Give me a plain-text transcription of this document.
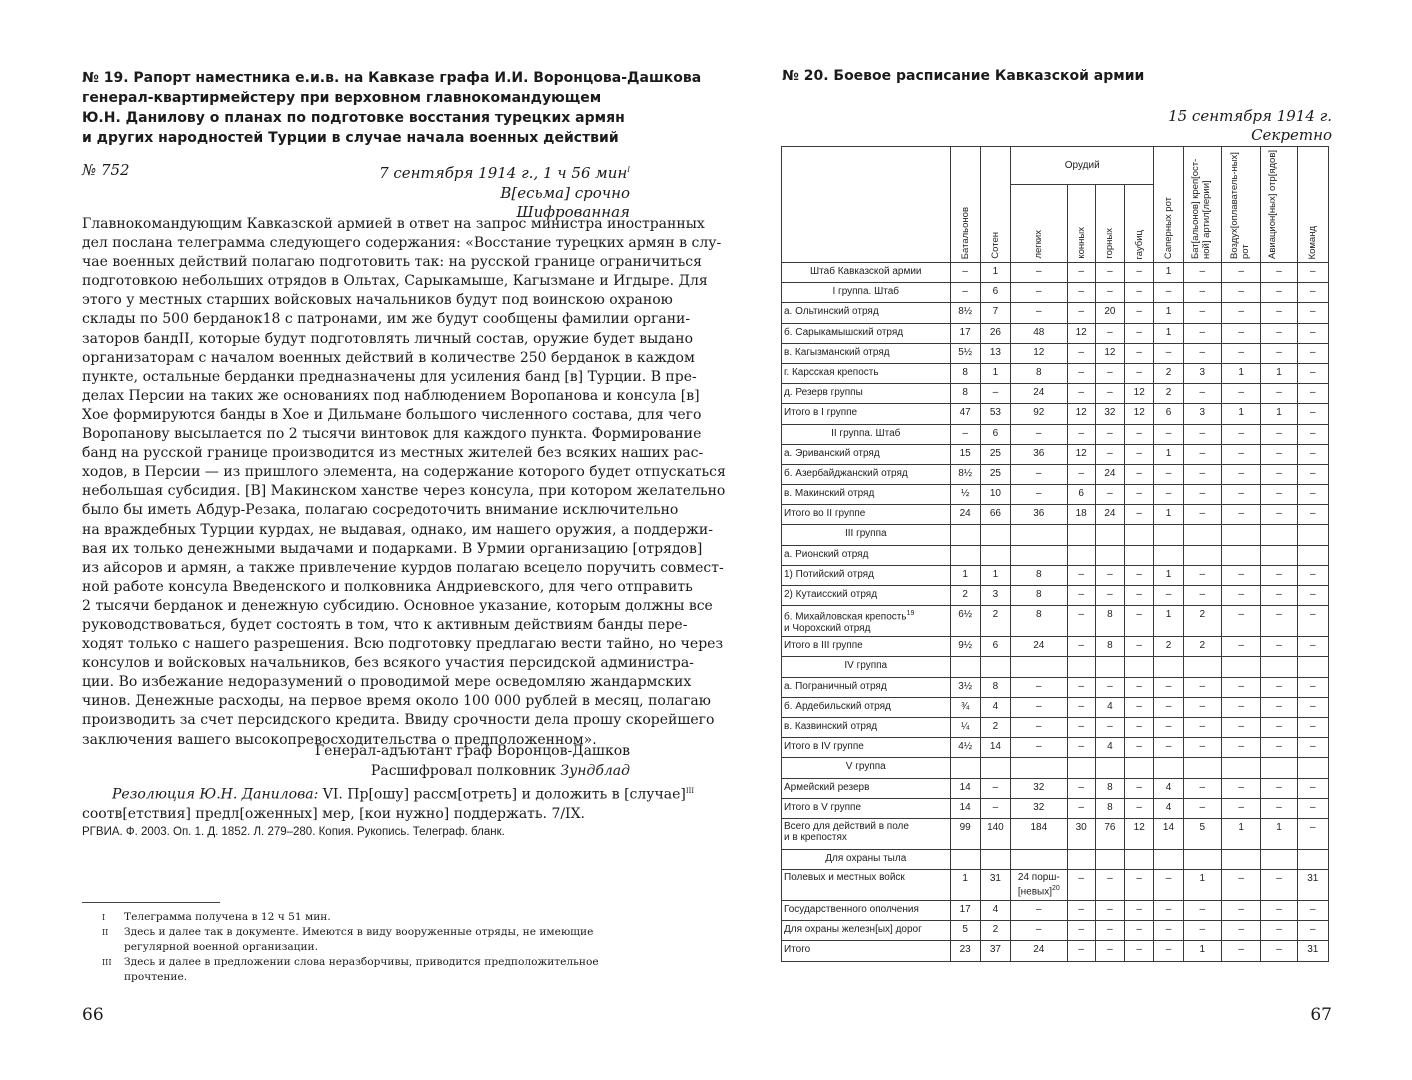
№ 19. Рапорт наместника е.и.в. на Кавказе графа И.И. Воронцова-Дашкова
генерал-квартирмейстеру при верховном главнокомандующем
Ю.Н. Данилову о планах по подготовке восстания турецких армян
и других народностей Турции в случае начала военных действий
№ 752	7 сентября 1914 г., 1 ч 56 мин$^I$
В[есьма] срочно
Шифрованная
Главнокомандующим Кавказской армией в ответ на запрос министра иностранных
дел послана телеграмма следующего содержания: «Восстание турецких армян в слу-
чае военных действий полагаю подготовить так: на русской границе ограничиться
подготовкою небольших отрядов в Ольтах, Сарыкамыше, Кагызмане и Игдыре. Для
этого у местных старших войсковых начальников будут под воинскою охраною
склады по 500 берданок18 с патронами, им же будут сообщены фамилии органи-
заторов бандII, которые будут подготовлять личный состав, оружие будет выдано
организаторам с началом военных действий в количестве 250 берданок в каждом
пункте, остальные берданки предназначены для усиления банд [в] Турции. В пре-
делах Персии на таких же основаниях под наблюдением Воропанова и консула [в]
Хое формируются банды в Хое и Дильмане большого численного состава, для чего
Воропанову высылается по 2 тысячи винтовок для каждого пункта. Формирование
банд на русской границе производится из местных жителей без всяких наших рас-
ходов, в Персии — из пришлого элемента, на содержание которого будет отпускаться
небольшая субсидия. [В] Макинском ханстве через консула, при котором желательно
было бы иметь Абдур-Резака, полагаю сосредоточить внимание исключительно
на враждебных Турции курдах, не выдавая, однако, им нашего оружия, а поддержи-
вая их только денежными выдачами и подарками. В Урмии организацию [отрядов]
из айсоров и армян, а также привлечение курдов полагаю всецело поручить совмест-
ной работе консула Введенского и полковника Андриевского, для чего отправить
2 тысячи берданок и денежную субсидию. Основное указание, которым должны все
руководствоваться, будет состоять в том, что к активным действиям банды пере-
ходят только с нашего разрешения. Всю подготовку предлагаю вести тайно, но через
консулов и войсковых начальников, без всякого участия персидской администра-
ции. Во избежание недоразумений о проводимой мере осведомляю жандармских
чинов. Денежные расходы, на первое время около 100 000 рублей в месяц, полагаю
производить за счет персидского кредита. Ввиду срочности дела прошу скорейшего
заключения вашего высокопревосходительства о предположенном».
Генерал-адъютант граф Воронцов-Дашков
Расшифровал полковник Зундблад
Резолюция Ю.Н. Данилова: VI. Пр[ошу] рассм[отреть] и доложить в [случае]$^{III}$
соотв[етствия] предл[оженных] мер, [кои нужно] поддержать. 7/IX.
РГВИА. Ф. 2003. Оп. 1. Д. 1852. Л. 279–280. Копия. Рукопись. Телеграф. бланк.
I	Телеграмма получена в 12 ч 51 мин.
II	Здесь и далее так в документе. Имеются в виду вооруженные отряды, не имеющие регулярной военной организации.
III	Здесь и далее в предложении слова неразборчивы, приводится предположительное прочтение.
66
№ 20. Боевое расписание Кавказской армии
15 сентября 1914 г.
Секретно
	Батальонов	Сотен	Орудий				Саперных рот	Бат[альонов] креп[ост-ной] артил[лерии]	Воздух[оплаватель-ных] рот	Авиацион[ных] отр[ядов]	Команд
			легких	конных	горных	гаубиц					
Штаб Кавказской армии	–	1	–	–	–	–	1	–	–	–	–
I группа. Штаб	–	6	–	–	–	–	–	–	–	–	–
а. Ольтинский отряд	8½	7	–	–	20	–	1	–	–	–	–
б. Сарыкамышский отряд	17	26	48	12	–	–	1	–	–	–	–
в. Кагызманский отряд	5½	13	12	–	12	–	–	–	–	–	–
г. Карсская крепость	8	1	8	–	–	–	2	3	1	1	–
д. Резерв группы	8	–	24	–	–	12	2	–	–	–	–
Итого в I группе	47	53	92	12	32	12	6	3	1	1	–
II группа. Штаб	–	6	–	–	–	–	–	–	–	–	–
а. Эриванский отряд	15	25	36	12	–	–	1	–	–	–	–
б. Азербайджанский отряд	8½	25	–	–	24	–	–	–	–	–	–
в. Макинский отряд	½	10	–	6	–	–	–	–	–	–	–
Итого во II группе	24	66	36	18	24	–	1	–	–	–	–
III группа											
а. Рионский отряд											
1) Потийский отряд	1	1	8	–	–	–	1	–	–	–	–
2) Кутаисский отряд	2	3	8	–	–	–	–	–	–	–	–
б. Михайловская крепость$^{19}$
и Чорохский отряд	6½	2	8	–	8	–	1	2	–	–	–
Итого в III группе	9½	6	24	–	8	–	2	2	–	–	–
IV группа											
а. Пограничный отряд	3½	8	–	–	–	–	–	–	–	–	–
б. Ардебильский отряд	¾	4	–	–	4	–	–	–	–	–	–
в. Казвинский отряд	¼	2	–	–	–	–	–	–	–	–	–
Итого в IV группе	4½	14	–	–	4	–	–	–	–	–	–
V группа											
Армейский резерв	14	–	32	–	8	–	4	–	–	–	–
Итого в V группе	14	–	32	–	8	–	4	–	–	–	–
Всего для действий в поле
и в крепостях	99	140	184	30	76	12	14	5	1	1	–
Для охраны тыла											
Полевых и местных войск	1	31	24 порш-[невых]$^{20}$	–	–	–	–	1	–	–	31
Государственного ополчения	17	4	–	–	–	–	–	–	–	–	–
Для охраны железн[ых] дорог	5	2	–	–	–	–	–	–	–	–	–
Итого	23	37	24	–	–	–	–	1	–	–	31
67
